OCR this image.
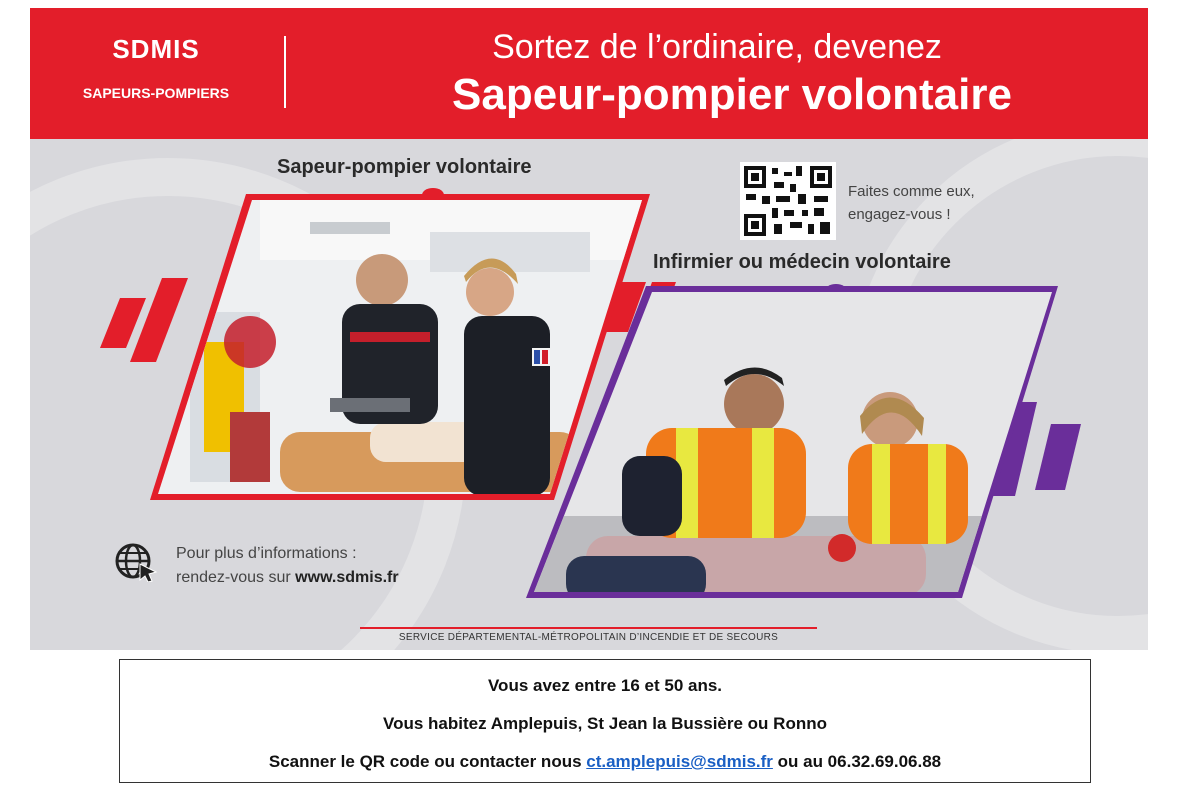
SDMIS
SAPEURS-POMPIERS
Sortez de l’ordinaire, devenez
Sapeur-pompier volontaire
Sapeur-pompier volontaire
Infirmier ou médecin volontaire
Faites comme eux,
engagez-vous !
Pour plus d’informations :
rendez-vous sur www.sdmis.fr
SERVICE DÉPARTEMENTAL-MÉTROPOLITAIN D’INCENDIE ET DE SECOURS
Vous avez entre 16 et 50 ans.
Vous habitez Amplepuis, St Jean la Bussière ou Ronno
Scanner le QR code ou contacter nous ct.amplepuis@sdmis.fr ou au 06.32.69.06.88
